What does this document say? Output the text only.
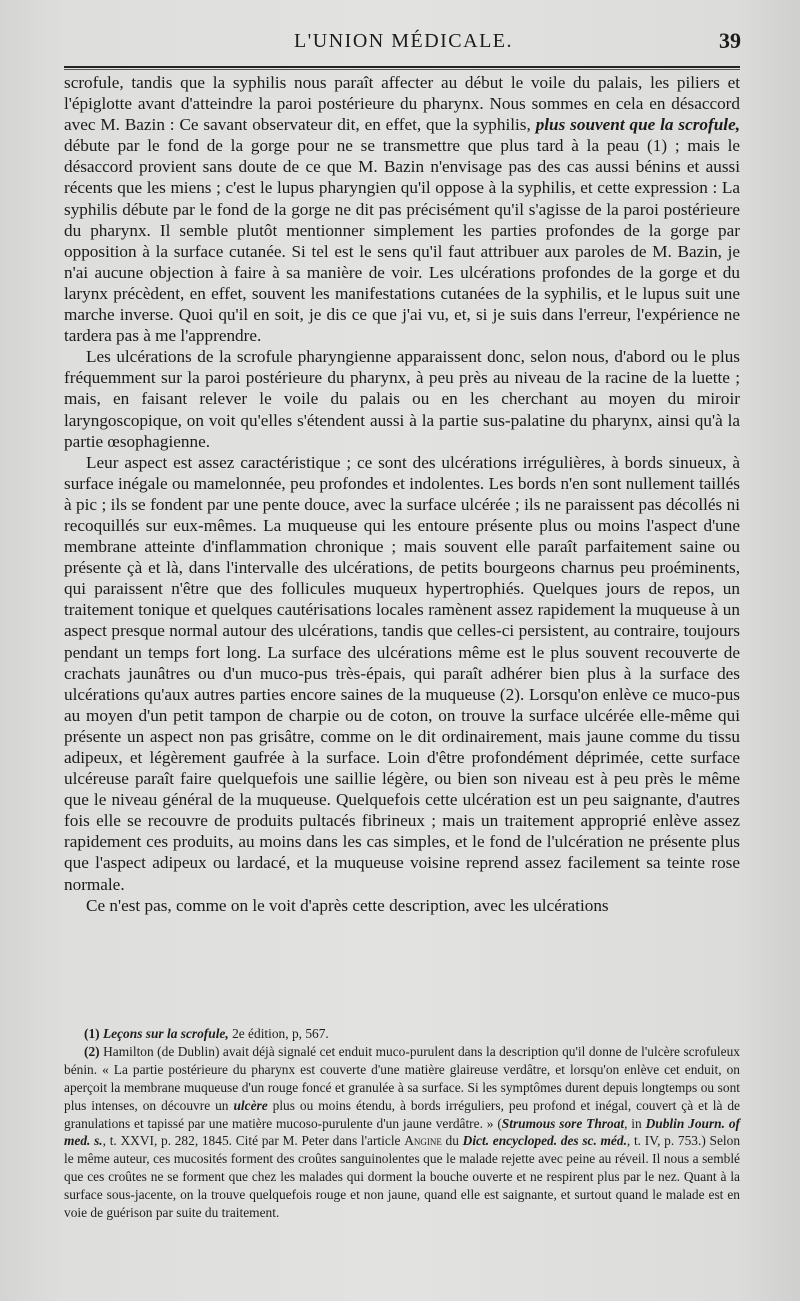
L'UNION MÉDICALE.	39

scrofule, tandis que la syphilis nous paraît affecter au début le voile du palais, les piliers et l'épiglotte avant d'atteindre la paroi postérieure du pharynx. Nous sommes en cela en désaccord avec M. Bazin : Ce savant observateur dit, en effet, que la syphilis, plus souvent que la scrofule, débute par le fond de la gorge pour ne se transmettre que plus tard à la peau (1) ; mais le désaccord provient sans doute de ce que M. Bazin n'envisage pas des cas aussi bénins et aussi récents que les miens ; c'est le lupus pharyngien qu'il oppose à la syphilis, et cette expression : La syphilis débute par le fond de la gorge ne dit pas précisément qu'il s'agisse de la paroi postérieure du pharynx. Il semble plutôt mentionner simplement les parties profondes de la gorge par opposition à la surface cutanée. Si tel est le sens qu'il faut attribuer aux paroles de M. Bazin, je n'ai aucune objection à faire à sa manière de voir. Les ulcérations profondes de la gorge et du larynx précèdent, en effet, souvent les manifestations cutanées de la syphilis, et le lupus suit une marche inverse. Quoi qu'il en soit, je dis ce que j'ai vu, et, si je suis dans l'erreur, l'expérience ne tardera pas à me l'apprendre.

Les ulcérations de la scrofule pharyngienne apparaissent donc, selon nous, d'abord ou le plus fréquemment sur la paroi postérieure du pharynx, à peu près au niveau de la racine de la luette ; mais, en faisant relever le voile du palais ou en les cherchant au moyen du miroir laryngoscopique, on voit qu'elles s'étendent aussi à la partie sus-palatine du pharynx, ainsi qu'à la partie œsophagienne.

Leur aspect est assez caractéristique ; ce sont des ulcérations irrégulières, à bords sinueux, à surface inégale ou mamelonnée, peu profondes et indolentes. Les bords n'en sont nullement taillés à pic ; ils se fondent par une pente douce, avec la surface ulcérée ; ils ne paraissent pas décollés ni recoquillés sur eux-mêmes. La muqueuse qui les entoure présente plus ou moins l'aspect d'une membrane atteinte d'inflammation chronique ; mais souvent elle paraît parfaitement saine ou présente çà et là, dans l'intervalle des ulcérations, de petits bourgeons charnus peu proéminents, qui paraissent n'être que des follicules muqueux hypertrophiés. Quelques jours de repos, un traitement tonique et quelques cautérisations locales ramènent assez rapidement la muqueuse à un aspect presque normal autour des ulcérations, tandis que celles-ci persistent, au contraire, toujours pendant un temps fort long. La surface des ulcérations même est le plus souvent recouverte de crachats jaunâtres ou d'un muco-pus très-épais, qui paraît adhérer bien plus à la surface des ulcérations qu'aux autres parties encore saines de la muqueuse (2). Lorsqu'on enlève ce muco-pus au moyen d'un petit tampon de charpie ou de coton, on trouve la surface ulcérée elle-même qui présente un aspect non pas grisâtre, comme on le dit ordinairement, mais jaune comme du tissu adipeux, et légèrement gaufrée à la surface. Loin d'être profondément déprimée, cette surface ulcéreuse paraît faire quelquefois une saillie légère, ou bien son niveau est à peu près le même que le niveau général de la muqueuse. Quelquefois cette ulcération est un peu saignante, d'autres fois elle se recouvre de produits pultacés fibrineux ; mais un traitement approprié enlève assez rapidement ces produits, au moins dans les cas simples, et le fond de l'ulcération ne présente plus que l'aspect adipeux ou lardacé, et la muqueuse voisine reprend assez facilement sa teinte rose normale.

Ce n'est pas, comme on le voit d'après cette description, avec les ulcérations

(1) Leçons sur la scrofule, 2e édition, p, 567.

(2) Hamilton (de Dublin) avait déjà signalé cet enduit muco-purulent dans la description qu'il donne de l'ulcère scrofuleux bénin. « La partie postérieure du pharynx est couverte d'une matière glaireuse verdâtre, et lorsqu'on enlève cet enduit, on aperçoit la membrane muqueuse d'un rouge foncé et granulée à sa surface. Si les symptômes durent depuis longtemps ou sont plus intenses, on découvre un ulcère plus ou moins étendu, à bords irréguliers, peu profond et inégal, couvert çà et là de granulations et tapissé par une matière mucoso-purulente d'un jaune verdâtre. » (Strumous sore Throat, in Dublin Journ. of med. s., t. XXVI, p. 282, 1845. Cité par M. Peter dans l'article Angine du Dict. encycloped. des sc. méd., t. IV, p. 753.) Selon le même auteur, ces mucosités forment des croûtes sanguinolentes que le malade rejette avec peine au réveil. Il nous a semblé que ces croûtes ne se forment que chez les malades qui dorment la bouche ouverte et ne respirent plus par le nez. Quant à la surface sous-jacente, on la trouve quelquefois rouge et non jaune, quand elle est saignante, et surtout quand le malade est en voie de guérison par suite du traitement.
